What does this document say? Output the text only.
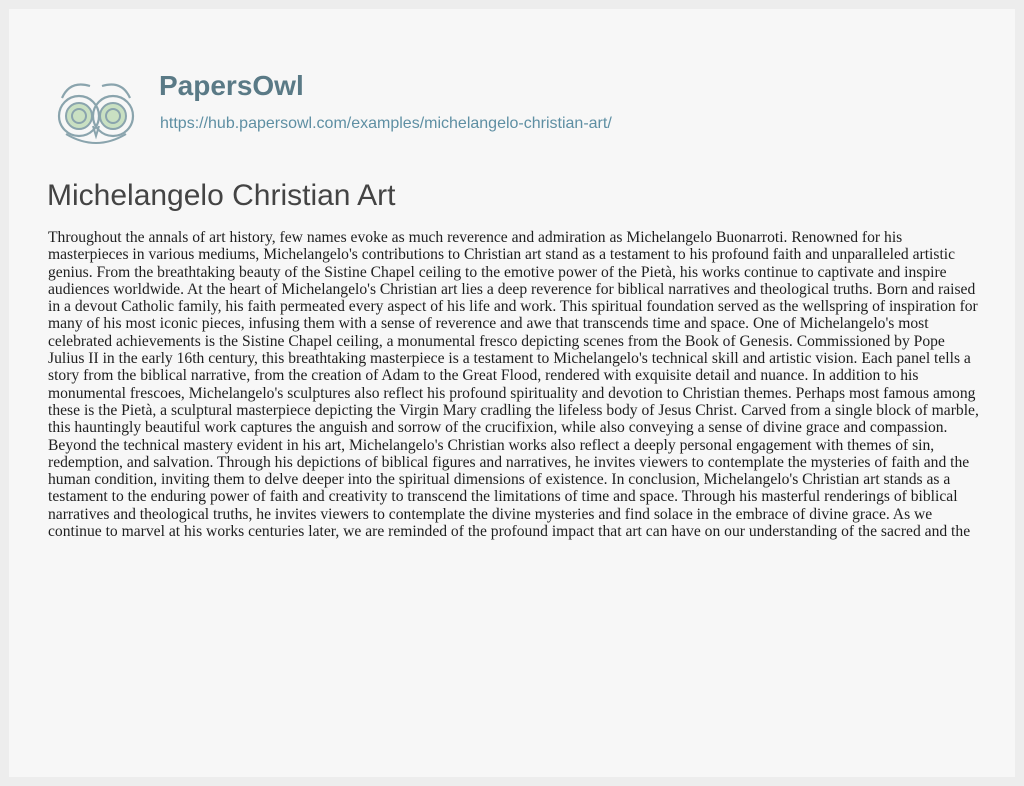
PapersOwl
https://hub.papersowl.com/examples/michelangelo-christian-art/
Michelangelo Christian Art

Throughout the annals of art history, few names evoke as much reverence and admiration as Michelangelo Buonarroti. Renowned for his masterpieces in various mediums, Michelangelo's contributions to Christian art stand as a testament to his profound faith and unparalleled artistic genius. From the breathtaking beauty of the Sistine Chapel ceiling to the emotive power of the Pietà, his works continue to captivate and inspire audiences worldwide. At the heart of Michelangelo's Christian art lies a deep reverence for biblical narratives and theological truths. Born and raised in a devout Catholic family, his faith permeated every aspect of his life and work. This spiritual foundation served as the wellspring of inspiration for many of his most iconic pieces, infusing them with a sense of reverence and awe that transcends time and space. One of Michelangelo's most celebrated achievements is the Sistine Chapel ceiling, a monumental fresco depicting scenes from the Book of Genesis. Commissioned by Pope Julius II in the early 16th century, this breathtaking masterpiece is a testament to Michelangelo's technical skill and artistic vision. Each panel tells a story from the biblical narrative, from the creation of Adam to the Great Flood, rendered with exquisite detail and nuance. In addition to his monumental frescoes, Michelangelo's sculptures also reflect his profound spirituality and devotion to Christian themes. Perhaps most famous among these is the Pietà, a sculptural masterpiece depicting the Virgin Mary cradling the lifeless body of Jesus Christ. Carved from a single block of marble, this hauntingly beautiful work captures the anguish and sorrow of the crucifixion, while also conveying a sense of divine grace and compassion. Beyond the technical mastery evident in his art, Michelangelo's Christian works also reflect a deeply personal engagement with themes of sin, redemption, and salvation. Through his depictions of biblical figures and narratives, he invites viewers to contemplate the mysteries of faith and the human condition, inviting them to delve deeper into the spiritual dimensions of existence. In conclusion, Michelangelo's Christian art stands as a testament to the enduring power of faith and creativity to transcend the limitations of time and space. Through his masterful renderings of biblical narratives and theological truths, he invites viewers to contemplate the divine mysteries and find solace in the embrace of divine grace. As we continue to marvel at his works centuries later, we are reminded of the profound impact that art can have on our understanding of the sacred and the
